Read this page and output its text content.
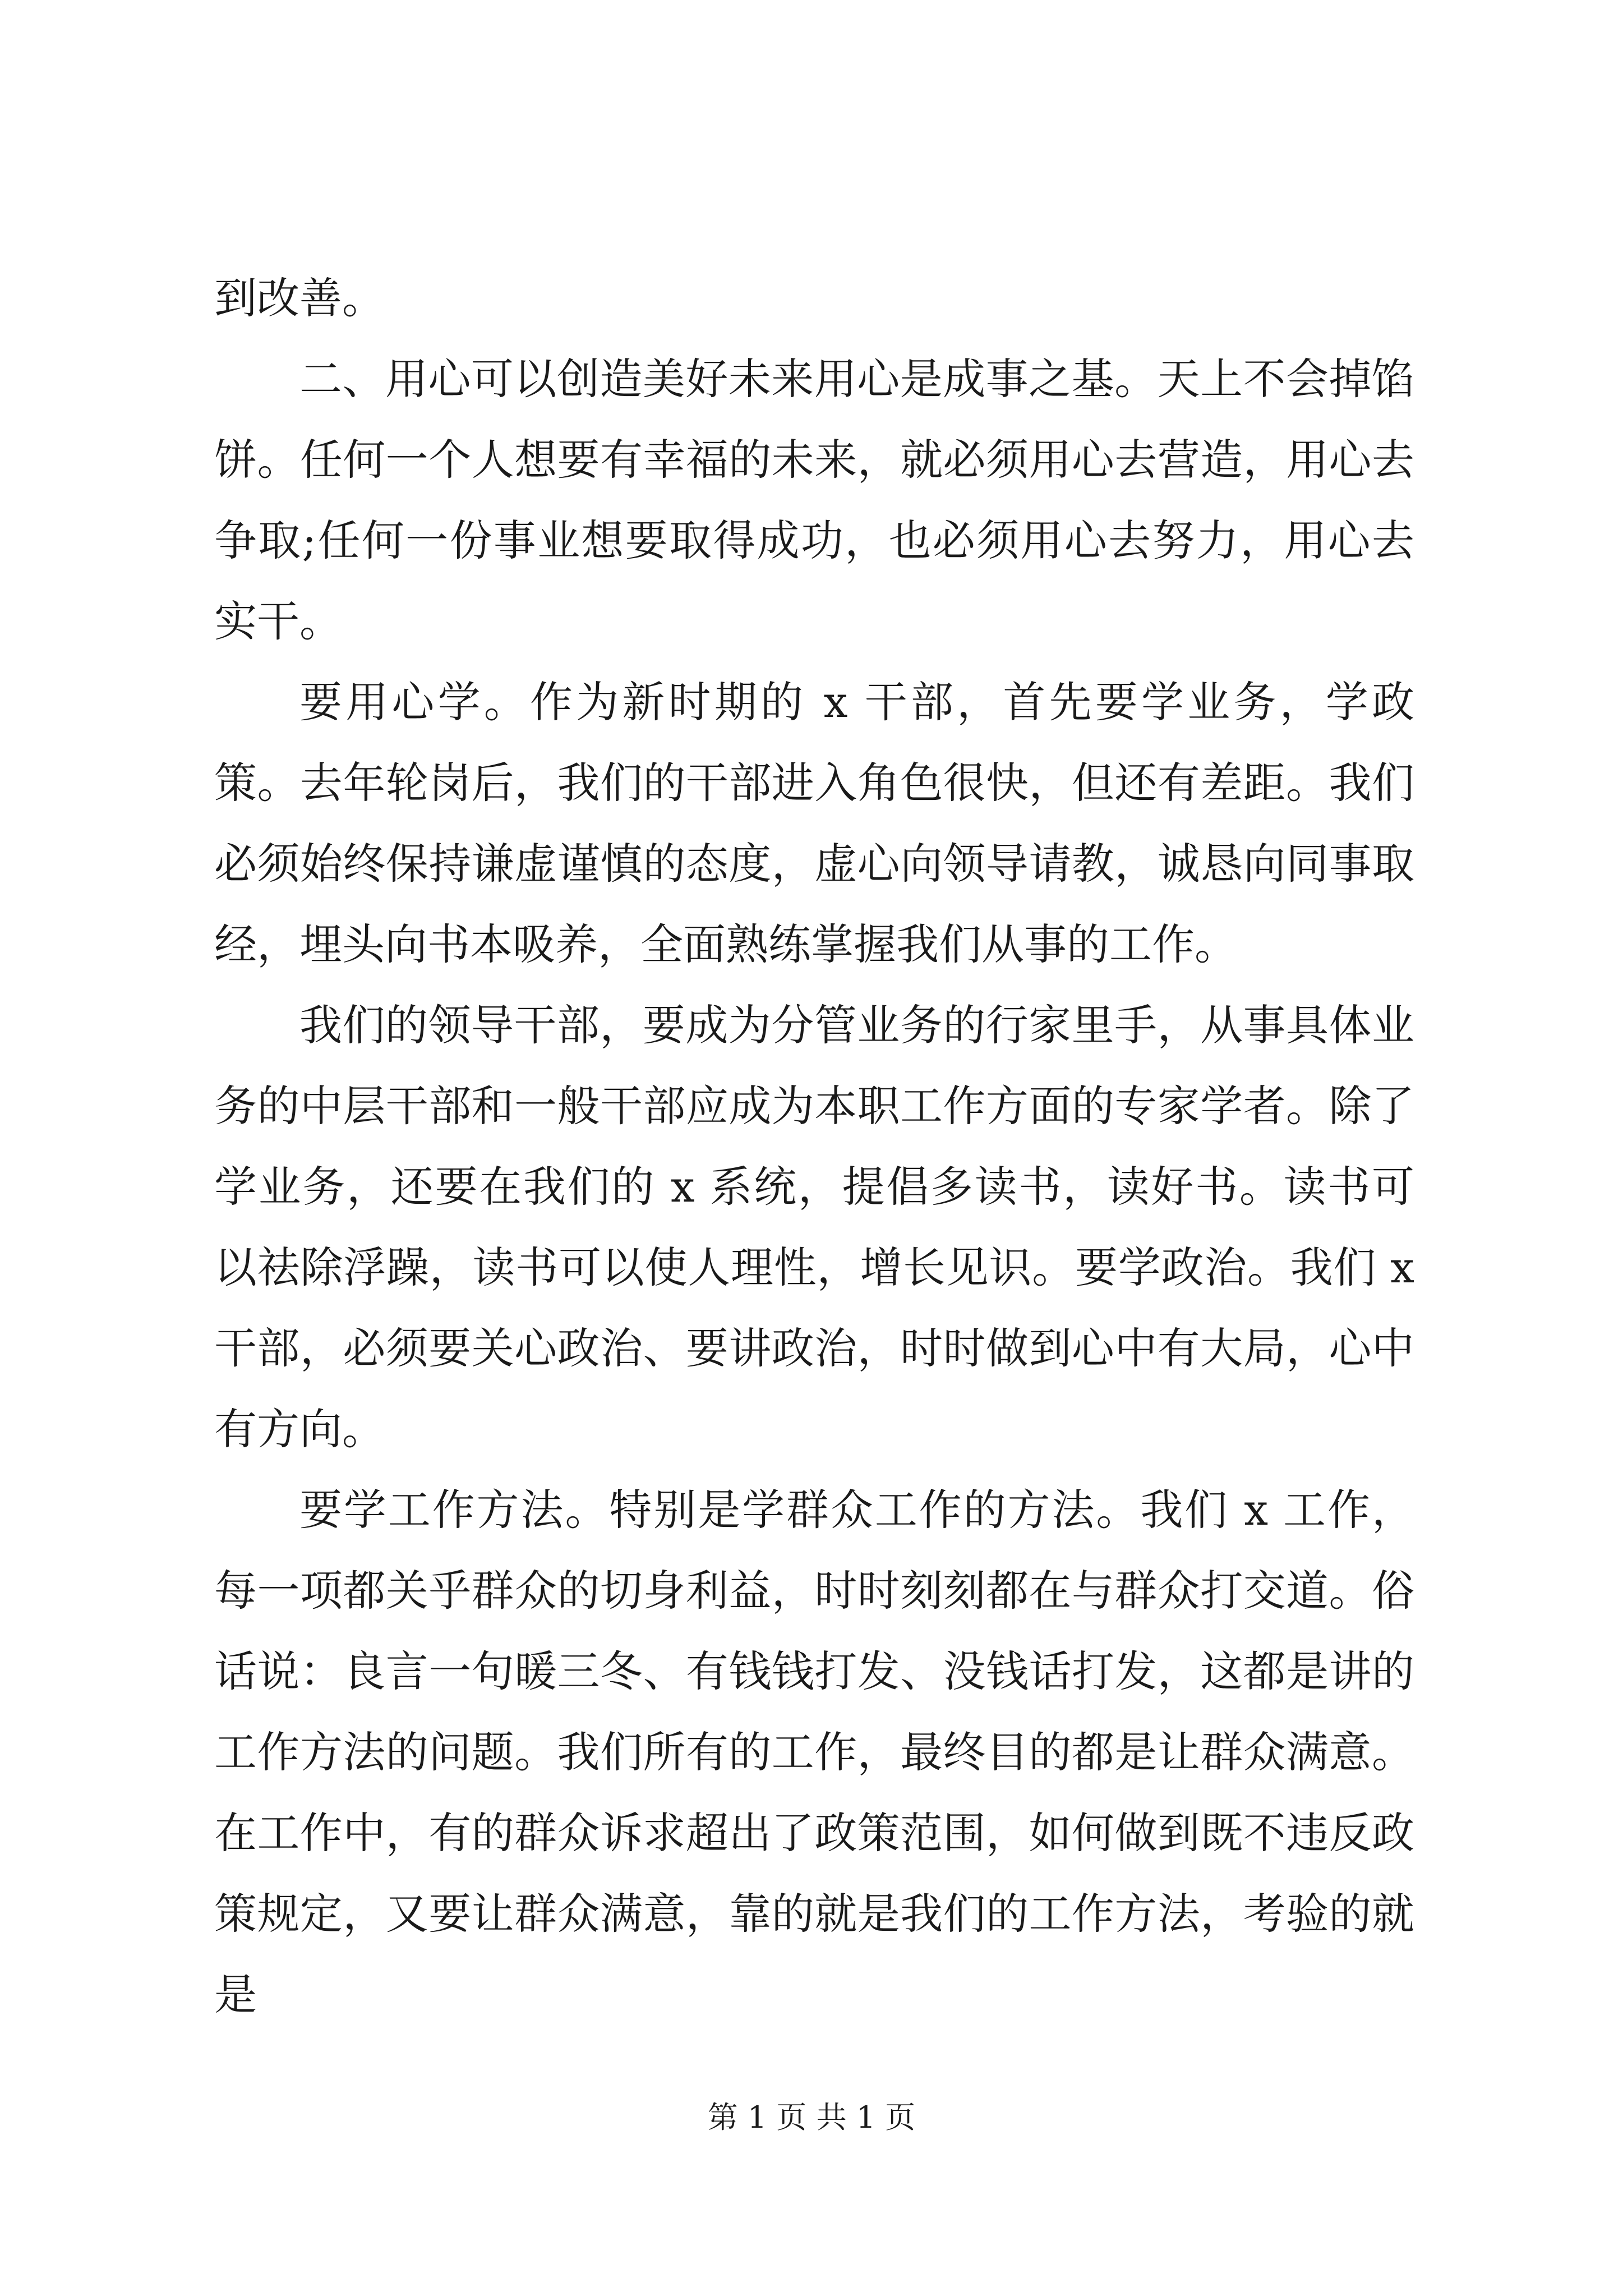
到改善。

二、用心可以创造美好未来用心是成事之基。天上不会掉馅饼。任何一个人想要有幸福的未来，就必须用心去营造，用心去争取;任何一份事业想要取得成功，也必须用心去努力，用心去实干。

要用心学。作为新时期的 x 干部，首先要学业务，学政策。去年轮岗后，我们的干部进入角色很快，但还有差距。我们必须始终保持谦虚谨慎的态度，虚心向领导请教，诚恳向同事取经，埋头向书本吸养，全面熟练掌握我们从事的工作。

我们的领导干部，要成为分管业务的行家里手，从事具体业务的中层干部和一般干部应成为本职工作方面的专家学者。除了学业务，还要在我们的 x 系统，提倡多读书，读好书。读书可以祛除浮躁，读书可以使人理性，增长见识。要学政治。我们 x 干部，必须要关心政治、要讲政治，时时做到心中有大局，心中有方向。

要学工作方法。特别是学群众工作的方法。我们 x 工作，每一项都关乎群众的切身利益，时时刻刻都在与群众打交道。俗话说：良言一句暖三冬、有钱钱打发、没钱话打发，这都是讲的工作方法的问题。我们所有的工作，最终目的都是让群众满意。在工作中，有的群众诉求超出了政策范围，如何做到既不违反政策规定，又要让群众满意，靠的就是我们的工作方法，考验的就是

第 1 页 共 1 页
